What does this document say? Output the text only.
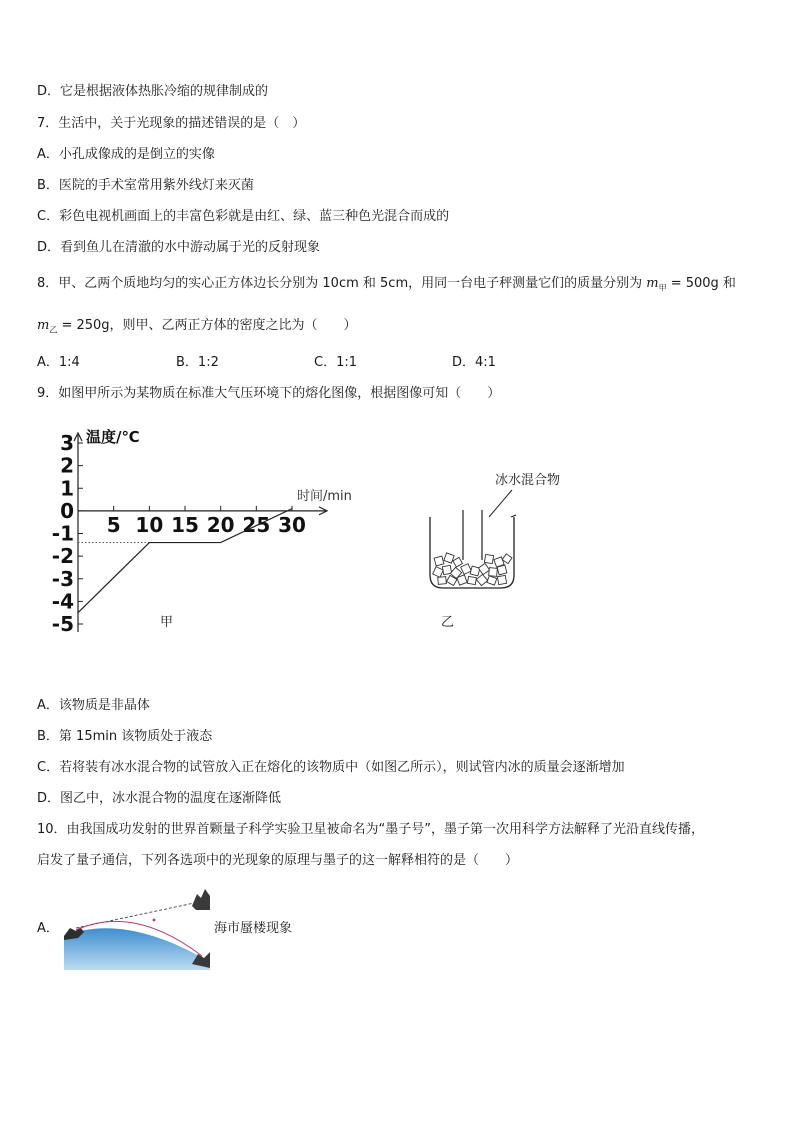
D．它是根据液体热胀冷缩的规律制成的
7．生活中，关于光现象的描述错误的是（　）
A．小孔成像成的是倒立的实像
B．医院的手术室常用紫外线灯来灭菌
C．彩色电视机画面上的丰富色彩就是由红、绿、蓝三种色光混合而成的
D．看到鱼儿在清澈的水中游动属于光的反射现象
8．甲、乙两个质地均匀的实心正方体边长分别为 10cm 和 5cm，用同一台电子秤测量它们的质量分别为 $m_甲 = 500g$ 和
$m_乙 = 250g$，则甲、乙两正方体的密度之比为（　　）
A．1:4	B．1:2	C．1:1	D．4:1
9．如图甲所示为某物质在标准大气压环境下的熔化图像，根据图像可知（　　）
3
2
1
-1
-2
-3
-4
-5
0
5 10 15 20 25 30
温度/℃
时间/min
甲
冰水混合物
乙
A．该物质是非晶体
B．第 15min 该物质处于液态
C．若将装有冰水混合物的试管放入正在熔化的该物质中（如图乙所示），则试管内冰的质量会逐渐增加
D．图乙中，冰水混合物的温度在逐渐降低
10．由我国成功发射的世界首颗量子科学实验卫星被命名为“墨子号”，墨子第一次用科学方法解释了光沿直线传播，
启发了量子通信，下列各选项中的光现象的原理与墨子的这一解释相符的是（　　）
A．	海市蜃楼现象
